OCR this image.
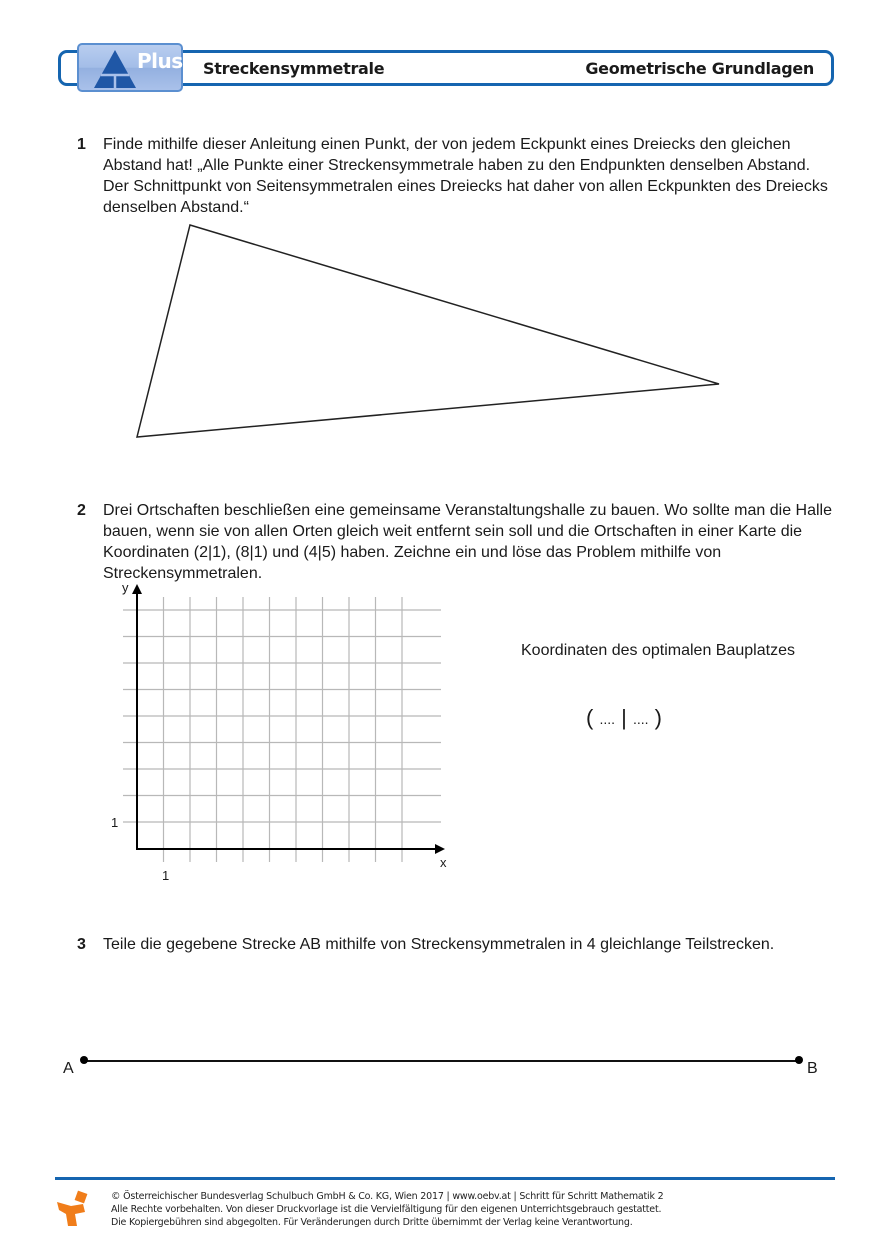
Plus Streckensymmetrale	Geometrische Grundlagen
1 Finde mithilfe dieser Anleitung einen Punkt, der von jedem Eckpunkt eines Dreiecks den gleichen Abstand hat! „Alle Punkte einer Streckensymmetrale haben zu den Endpunkten denselben Abstand. Der Schnittpunkt von Seitensymmetralen eines Dreiecks hat daher von allen Eckpunkten des Dreiecks denselben Abstand.“
2 Drei Ortschaften beschließen eine gemeinsame Veranstaltungshalle zu bauen. Wo sollte man die Halle bauen, wenn sie von allen Orten gleich weit entfernt sein soll und die Ortschaften in einer Karte die Koordinaten (2|1), (8|1) und (4|5) haben. Zeichne ein und löse das Problem mithilfe von Streckensymmetralen.
y
x
1
1
Koordinaten des optimalen Bauplatzes
( .... | .... )
3 Teile die gegebene Strecke AB mithilfe von Streckensymmetralen in 4 gleichlange Teilstrecken.
A	B
© Österreichischer Bundesverlag Schulbuch GmbH & Co. KG, Wien 2017 | www.oebv.at | Schritt für Schritt Mathematik 2
Alle Rechte vorbehalten. Von dieser Druckvorlage ist die Vervielfältigung für den eigenen Unterrichtsgebrauch gestattet.
Die Kopiergebühren sind abgegolten. Für Veränderungen durch Dritte übernimmt der Verlag keine Verantwortung.
